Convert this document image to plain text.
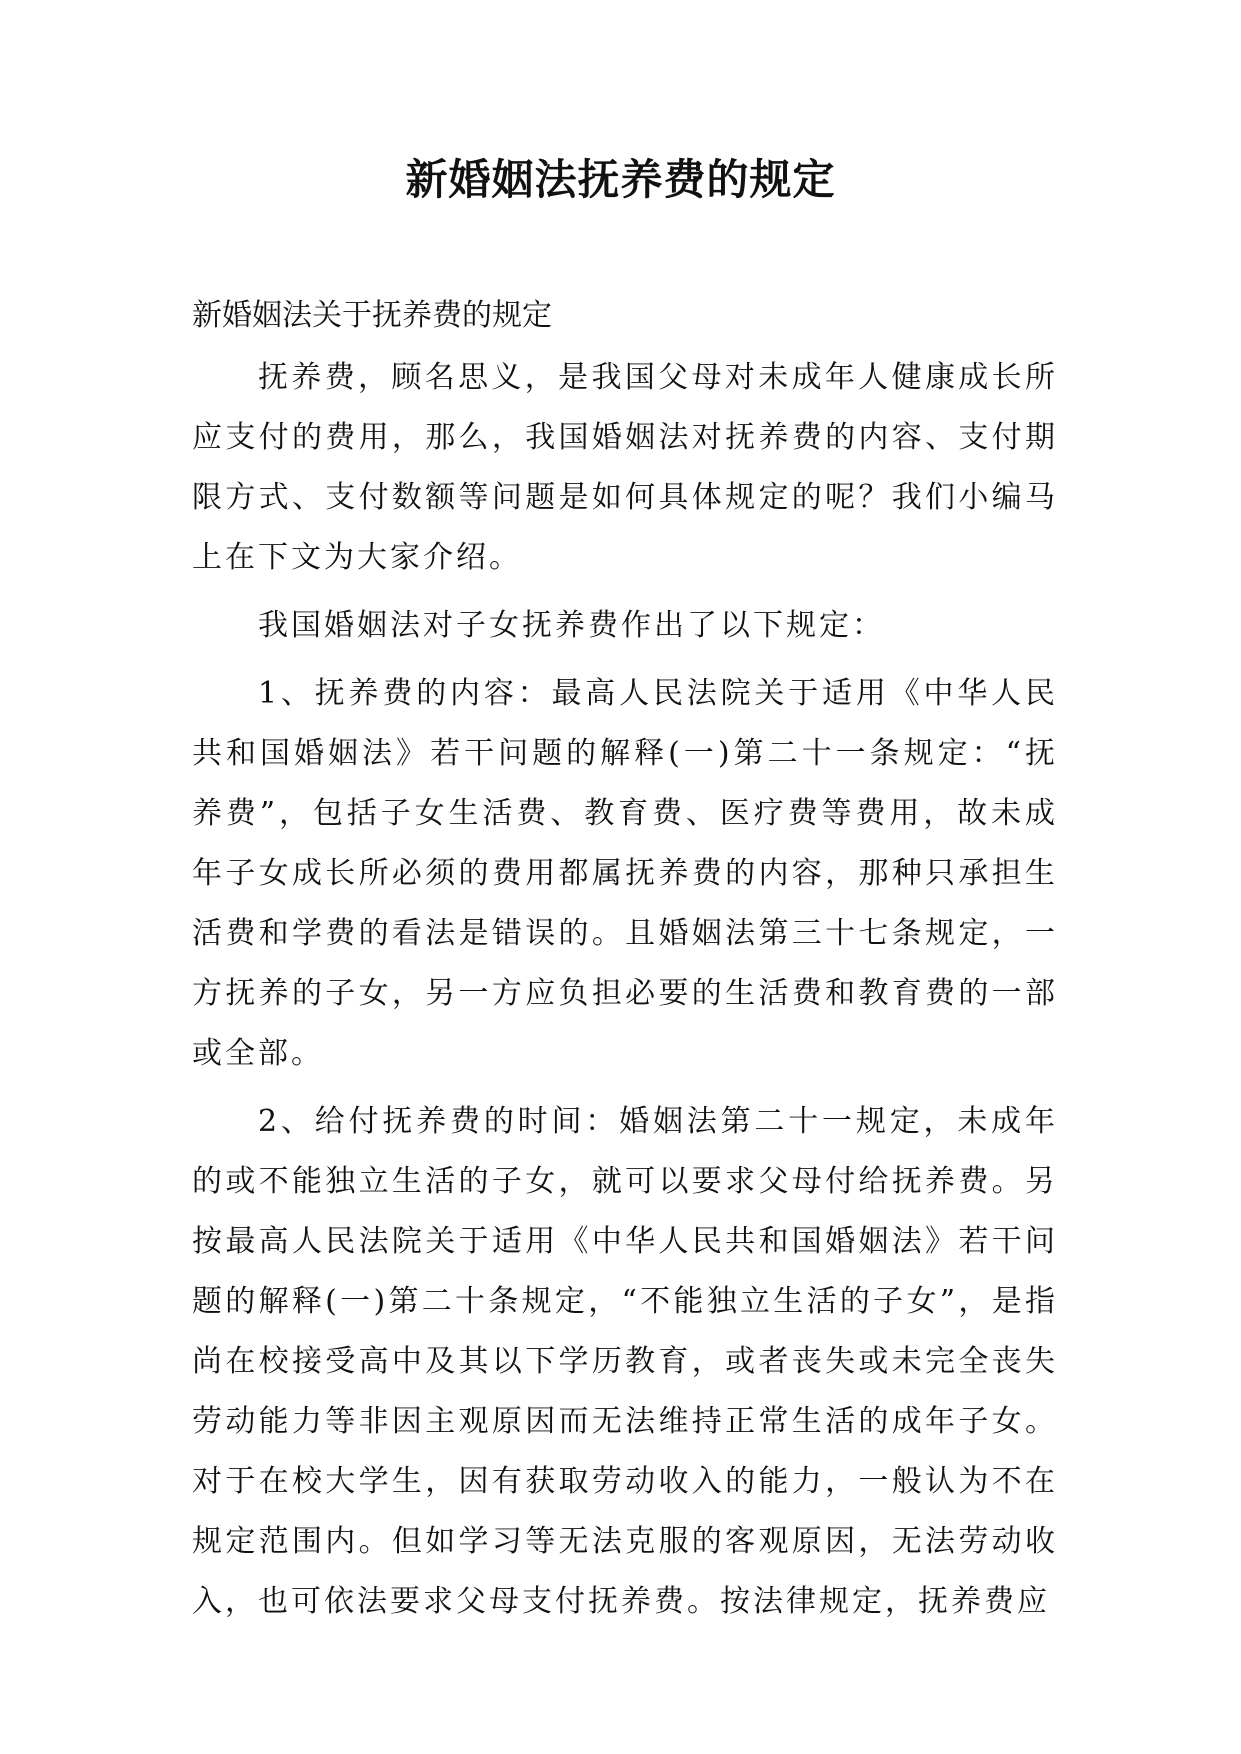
新婚姻法抚养费的规定

新婚姻法关于抚养费的规定

抚养费，顾名思义，是我国父母对未成年人健康成长所应支付的费用，那么，我国婚姻法对抚养费的内容、支付期限方式、支付数额等问题是如何具体规定的呢？我们小编马上在下文为大家介绍。

我国婚姻法对子女抚养费作出了以下规定：

1、抚养费的内容：最高人民法院关于适用《中华人民共和国婚姻法》若干问题的解释(一)第二十一条规定：“抚养费”，包括子女生活费、教育费、医疗费等费用，故未成年子女成长所必须的费用都属抚养费的内容，那种只承担生活费和学费的看法是错误的。且婚姻法第三十七条规定，一方抚养的子女，另一方应负担必要的生活费和教育费的一部或全部。

2、给付抚养费的时间：婚姻法第二十一规定，未成年的或不能独立生活的子女，就可以要求父母付给抚养费。另按最高人民法院关于适用《中华人民共和国婚姻法》若干问题的解释(一)第二十条规定，“不能独立生活的子女”，是指尚在校接受高中及其以下学历教育，或者丧失或未完全丧失劳动能力等非因主观原因而无法维持正常生活的成年子女。对于在校大学生，因有获取劳动收入的能力，一般认为不在规定范围内。但如学习等无法克服的客观原因，无法劳动收入，也可依法要求父母支付抚养费。按法律规定，抚养费应
